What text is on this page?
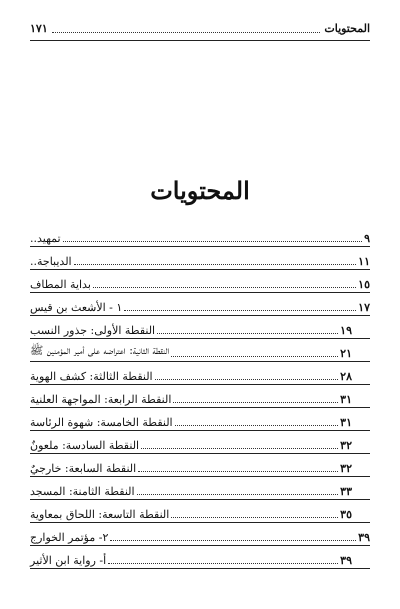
المحتويات
١٧١
المحتويات
تمهيد..	٩
الديباجة..	١١
بداية المطاف	١٥
١ - الأشعث بن قيس	١٧
النقطة الأولى: جذور النسب	١٩
النقطة الثانية: اعتراضه على أمير المؤمنين ﷺ	٢١
النقطة الثالثة: كشف الهوية	٢٨
النقطة الرابعة: المواجهة العلنية	٣١
النقطة الخامسة: شهوة الرئاسة	٣١
النقطة السادسة: ملعونٌ	٣٢
النقطة السابعة: خارجيٌ	٣٢
النقطة الثامنة: المسجد	٣٣
النقطة التاسعة: اللحاق بمعاوية	٣٥
٢- مؤتمر الخوارج	٣٩
أ- رواية ابن الأثير	٣٩
